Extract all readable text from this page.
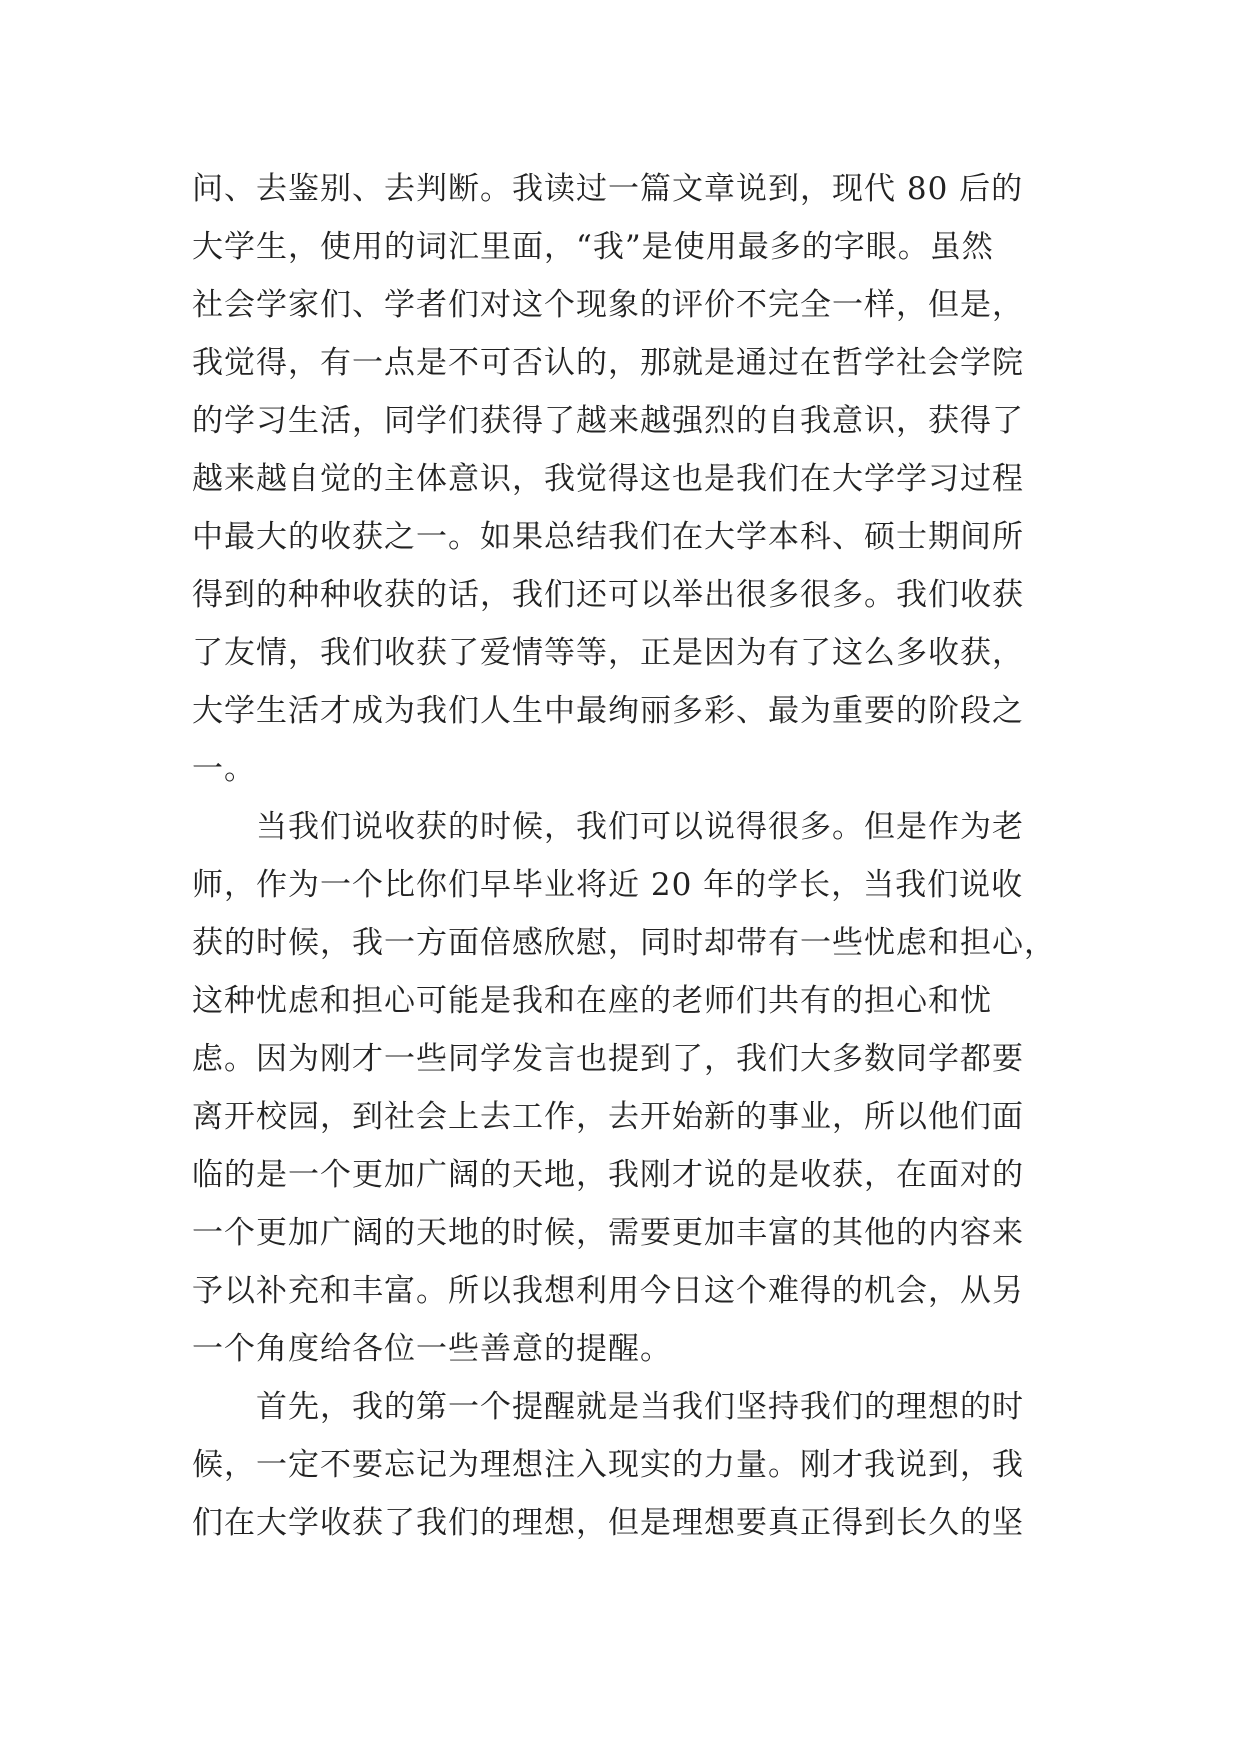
问、去鉴别、去判断。我读过一篇文章说到，现代 80 后的
大学生，使用的词汇里面，“我”是使用最多的字眼。虽然
社会学家们、学者们对这个现象的评价不完全一样，但是，
我觉得，有一点是不可否认的，那就是通过在哲学社会学院
的学习生活，同学们获得了越来越强烈的自我意识，获得了
越来越自觉的主体意识，我觉得这也是我们在大学学习过程
中最大的收获之一。如果总结我们在大学本科、硕士期间所
得到的种种收获的话，我们还可以举出很多很多。我们收获
了友情，我们收获了爱情等等，正是因为有了这么多收获，
大学生活才成为我们人生中最绚丽多彩、最为重要的阶段之
一。
当我们说收获的时候，我们可以说得很多。但是作为老
师，作为一个比你们早毕业将近 20 年的学长，当我们说收
获的时候，我一方面倍感欣慰，同时却带有一些忧虑和担心，
这种忧虑和担心可能是我和在座的老师们共有的担心和忧
虑。因为刚才一些同学发言也提到了，我们大多数同学都要
离开校园，到社会上去工作，去开始新的事业，所以他们面
临的是一个更加广阔的天地，我刚才说的是收获，在面对的
一个更加广阔的天地的时候，需要更加丰富的其他的内容来
予以补充和丰富。所以我想利用今日这个难得的机会，从另
一个角度给各位一些善意的提醒。
首先，我的第一个提醒就是当我们坚持我们的理想的时
候，一定不要忘记为理想注入现实的力量。刚才我说到，我
们在大学收获了我们的理想，但是理想要真正得到长久的坚
